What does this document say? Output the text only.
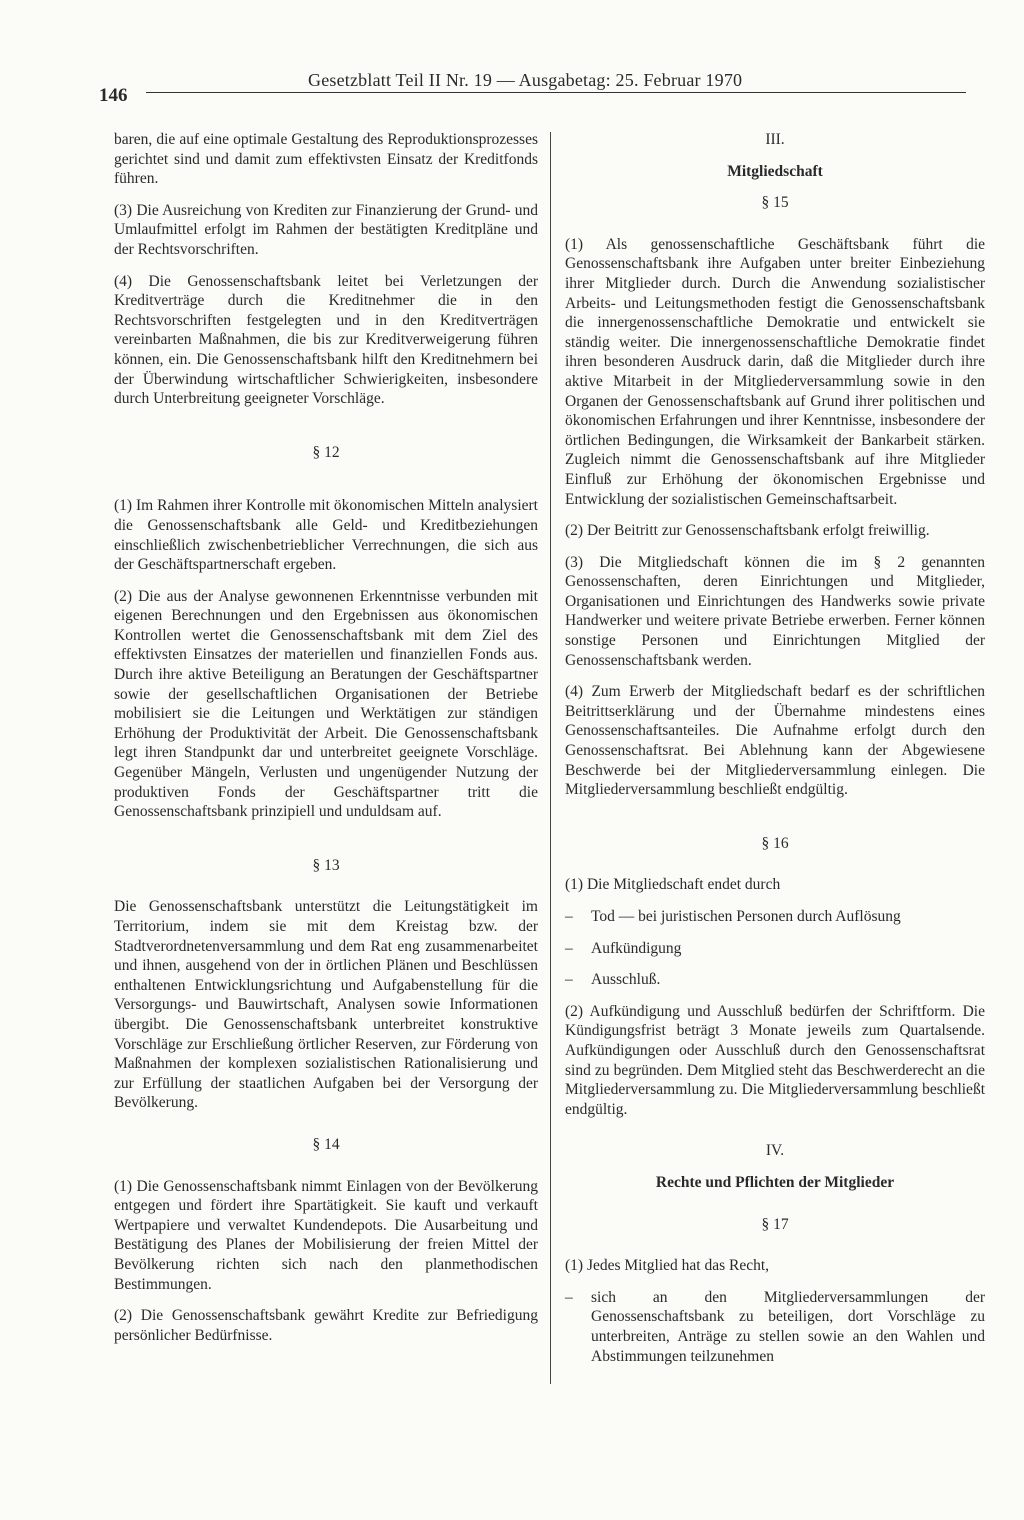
146
Gesetzblatt Teil II Nr. 19 — Ausgabetag: 25. Februar 1970

baren, die auf eine optimale Gestaltung des Reproduktionsprozesses gerichtet sind und damit zum effektivsten Einsatz der Kreditfonds führen.

(3) Die Ausreichung von Krediten zur Finanzierung der Grund- und Umlaufmittel erfolgt im Rahmen der bestätigten Kreditpläne und der Rechtsvorschriften.

(4) Die Genossenschaftsbank leitet bei Verletzungen der Kreditverträge durch die Kreditnehmer die in den Rechtsvorschriften festgelegten und in den Kreditverträgen vereinbarten Maßnahmen, die bis zur Kreditverweigerung führen können, ein. Die Genossenschaftsbank hilft den Kreditnehmern bei der Überwindung wirtschaftlicher Schwierigkeiten, insbesondere durch Unterbreitung geeigneter Vorschläge.

§ 12

(1) Im Rahmen ihrer Kontrolle mit ökonomischen Mitteln analysiert die Genossenschaftsbank alle Geld- und Kreditbeziehungen einschließlich zwischenbetrieblicher Verrechnungen, die sich aus der Geschäftspartnerschaft ergeben.

(2) Die aus der Analyse gewonnenen Erkenntnisse verbunden mit eigenen Berechnungen und den Ergebnissen aus ökonomischen Kontrollen wertet die Genossenschaftsbank mit dem Ziel des effektivsten Einsatzes der materiellen und finanziellen Fonds aus. Durch ihre aktive Beteiligung an Beratungen der Geschäftspartner sowie der gesellschaftlichen Organisationen der Betriebe mobilisiert sie die Leitungen und Werktätigen zur ständigen Erhöhung der Produktivität der Arbeit. Die Genossenschaftsbank legt ihren Standpunkt dar und unterbreitet geeignete Vorschläge. Gegenüber Mängeln, Verlusten und ungenügender Nutzung der produktiven Fonds der Geschäftspartner tritt die Genossenschaftsbank prinzipiell und unduldsam auf.

§ 13

Die Genossenschaftsbank unterstützt die Leitungstätigkeit im Territorium, indem sie mit dem Kreistag bzw. der Stadtverordnetenversammlung und dem Rat eng zusammenarbeitet und ihnen, ausgehend von der in örtlichen Plänen und Beschlüssen enthaltenen Entwicklungsrichtung und Aufgabenstellung für die Versorgungs- und Bauwirtschaft, Analysen sowie Informationen übergibt. Die Genossenschaftsbank unterbreitet konstruktive Vorschläge zur Erschließung örtlicher Reserven, zur Förderung von Maßnahmen der komplexen sozialistischen Rationalisierung und zur Erfüllung der staatlichen Aufgaben bei der Versorgung der Bevölkerung.

§ 14

(1) Die Genossenschaftsbank nimmt Einlagen von der Bevölkerung entgegen und fördert ihre Spartätigkeit. Sie kauft und verkauft Wertpapiere und verwaltet Kundendepots. Die Ausarbeitung und Bestätigung des Planes der Mobilisierung der freien Mittel der Bevölkerung richten sich nach den planmethodischen Bestimmungen.

(2) Die Genossenschaftsbank gewährt Kredite zur Befriedigung persönlicher Bedürfnisse.

III.

Mitgliedschaft

§ 15

(1) Als genossenschaftliche Geschäftsbank führt die Genossenschaftsbank ihre Aufgaben unter breiter Einbeziehung ihrer Mitglieder durch. Durch die Anwendung sozialistischer Arbeits- und Leitungsmethoden festigt die Genossenschaftsbank die innergenossenschaftliche Demokratie und entwickelt sie ständig weiter. Die innergenossenschaftliche Demokratie findet ihren besonderen Ausdruck darin, daß die Mitglieder durch ihre aktive Mitarbeit in der Mitgliederversammlung sowie in den Organen der Genossenschaftsbank auf Grund ihrer politischen und ökonomischen Erfahrungen und ihrer Kenntnisse, insbesondere der örtlichen Bedingungen, die Wirksamkeit der Bankarbeit stärken. Zugleich nimmt die Genossenschaftsbank auf ihre Mitglieder Einfluß zur Erhöhung der ökonomischen Ergebnisse und Entwicklung der sozialistischen Gemeinschaftsarbeit.

(2) Der Beitritt zur Genossenschaftsbank erfolgt freiwillig.

(3) Die Mitgliedschaft können die im § 2 genannten Genossenschaften, deren Einrichtungen und Mitglieder, Organisationen und Einrichtungen des Handwerks sowie private Handwerker und weitere private Betriebe erwerben. Ferner können sonstige Personen und Einrichtungen Mitglied der Genossenschaftsbank werden.

(4) Zum Erwerb der Mitgliedschaft bedarf es der schriftlichen Beitrittserklärung und der Übernahme mindestens eines Genossenschaftsanteiles. Die Aufnahme erfolgt durch den Genossenschaftsrat. Bei Ablehnung kann der Abgewiesene Beschwerde bei der Mitgliederversammlung einlegen. Die Mitgliederversammlung beschließt endgültig.

§ 16

(1) Die Mitgliedschaft endet durch

–	Tod — bei juristischen Personen durch Auflösung
–	Aufkündigung
–	Ausschluß.

(2) Aufkündigung und Ausschluß bedürfen der Schriftform. Die Kündigungsfrist beträgt 3 Monate jeweils zum Quartalsende. Aufkündigungen oder Ausschluß durch den Genossenschaftsrat sind zu begründen. Dem Mitglied steht das Beschwerderecht an die Mitgliederversammlung zu. Die Mitgliederversammlung beschließt endgültig.

IV.

Rechte und Pflichten der Mitglieder

§ 17

(1) Jedes Mitglied hat das Recht,

–	sich an den Mitgliederversammlungen der Genossenschaftsbank zu beteiligen, dort Vorschläge zu unterbreiten, Anträge zu stellen sowie an den Wahlen und Abstimmungen teilzunehmen
